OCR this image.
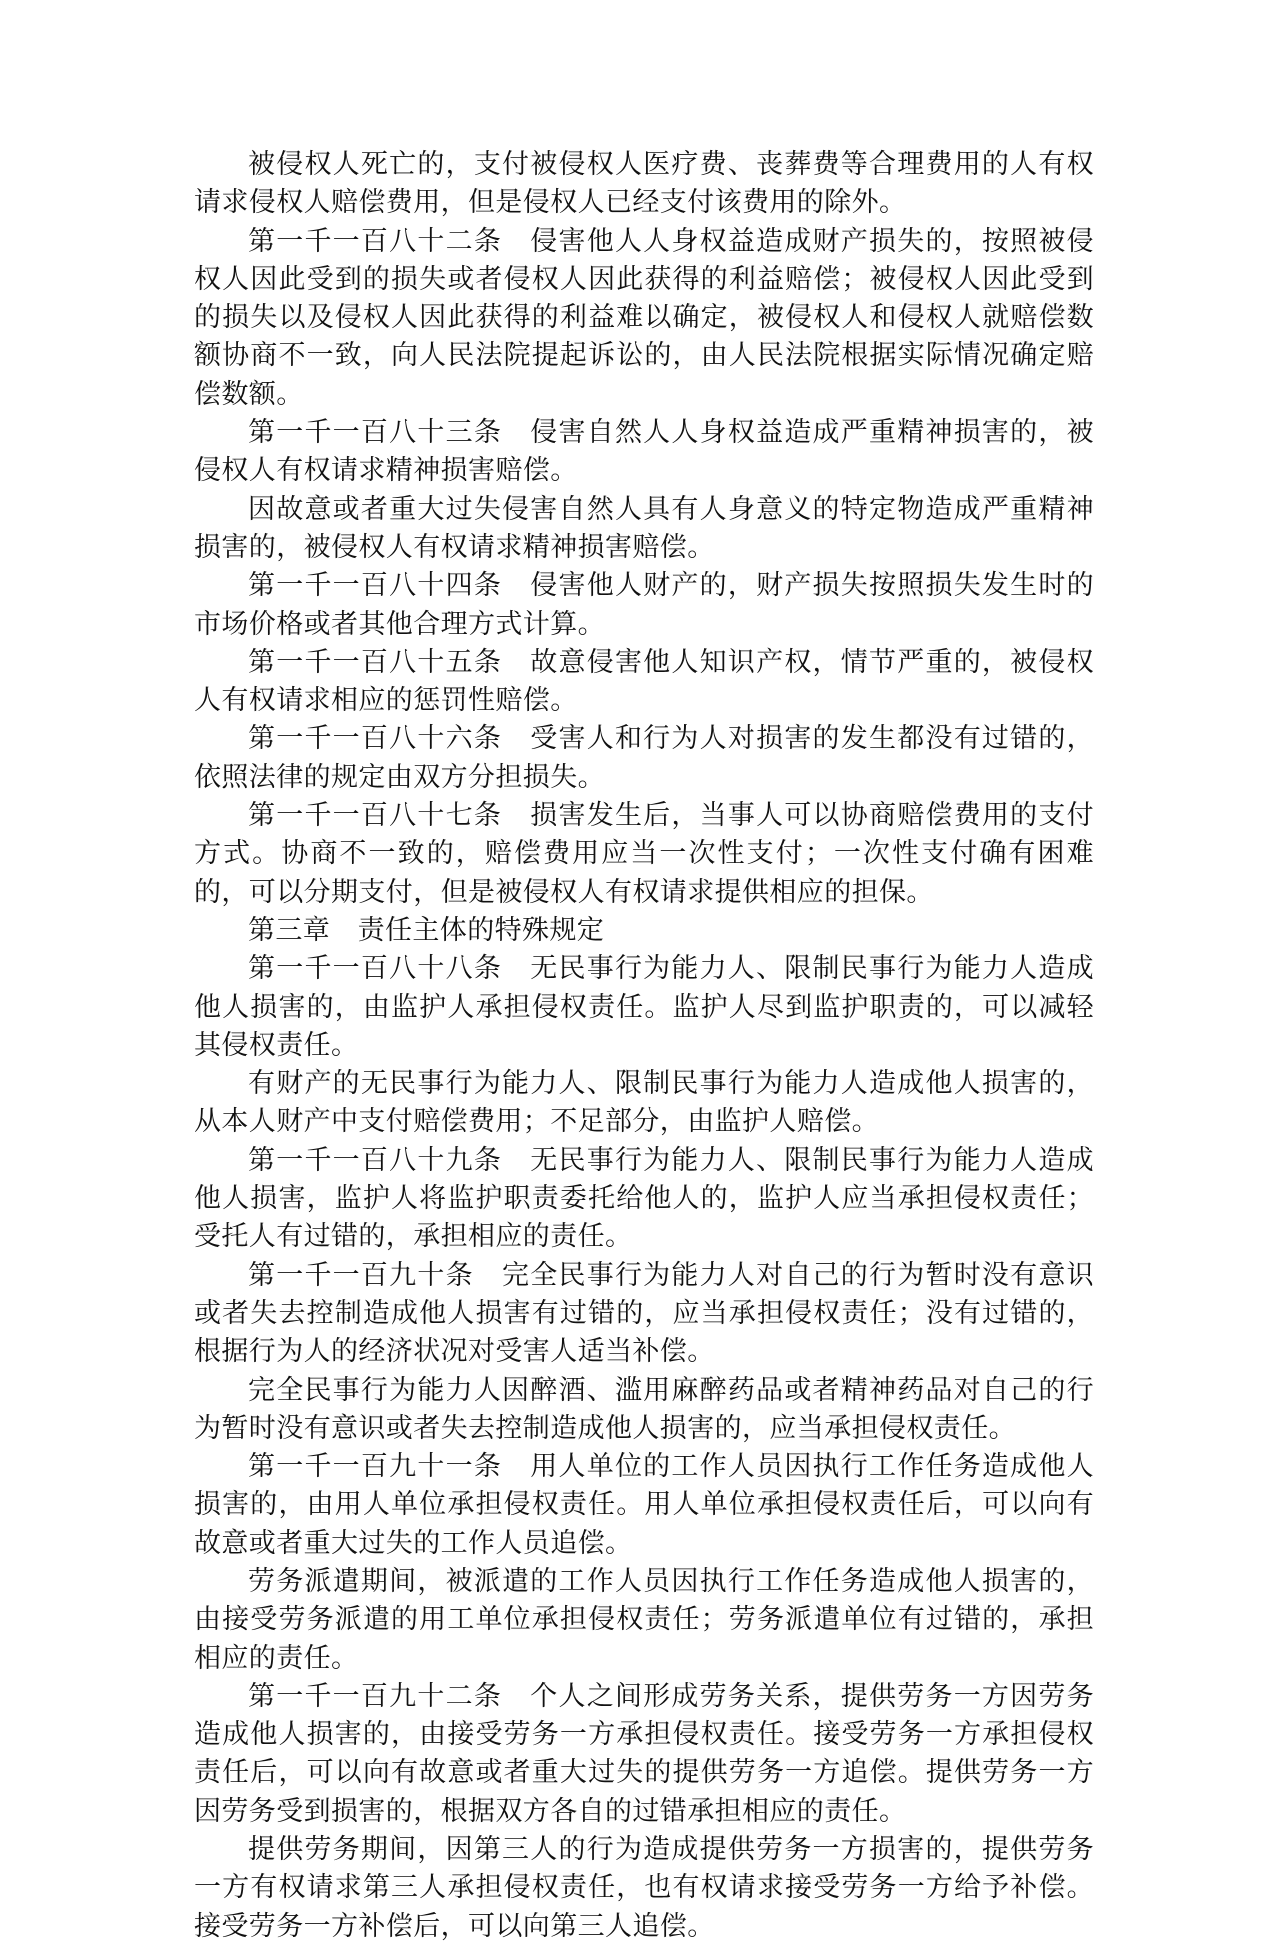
被侵权人死亡的，支付被侵权人医疗费、丧葬费等合理费用的人有权请求侵权人赔偿费用，但是侵权人已经支付该费用的除外。

第一千一百八十二条　侵害他人人身权益造成财产损失的，按照被侵权人因此受到的损失或者侵权人因此获得的利益赔偿；被侵权人因此受到的损失以及侵权人因此获得的利益难以确定，被侵权人和侵权人就赔偿数额协商不一致，向人民法院提起诉讼的，由人民法院根据实际情况确定赔偿数额。

第一千一百八十三条　侵害自然人人身权益造成严重精神损害的，被侵权人有权请求精神损害赔偿。

因故意或者重大过失侵害自然人具有人身意义的特定物造成严重精神损害的，被侵权人有权请求精神损害赔偿。

第一千一百八十四条　侵害他人财产的，财产损失按照损失发生时的市场价格或者其他合理方式计算。

第一千一百八十五条　故意侵害他人知识产权，情节严重的，被侵权人有权请求相应的惩罚性赔偿。

第一千一百八十六条　受害人和行为人对损害的发生都没有过错的，依照法律的规定由双方分担损失。

第一千一百八十七条　损害发生后，当事人可以协商赔偿费用的支付方式。协商不一致的，赔偿费用应当一次性支付；一次性支付确有困难的，可以分期支付，但是被侵权人有权请求提供相应的担保。

第三章　责任主体的特殊规定

第一千一百八十八条　无民事行为能力人、限制民事行为能力人造成他人损害的，由监护人承担侵权责任。监护人尽到监护职责的，可以减轻其侵权责任。

有财产的无民事行为能力人、限制民事行为能力人造成他人损害的，从本人财产中支付赔偿费用；不足部分，由监护人赔偿。

第一千一百八十九条　无民事行为能力人、限制民事行为能力人造成他人损害，监护人将监护职责委托给他人的，监护人应当承担侵权责任；受托人有过错的，承担相应的责任。

第一千一百九十条　完全民事行为能力人对自己的行为暂时没有意识或者失去控制造成他人损害有过错的，应当承担侵权责任；没有过错的，根据行为人的经济状况对受害人适当补偿。

完全民事行为能力人因醉酒、滥用麻醉药品或者精神药品对自己的行为暂时没有意识或者失去控制造成他人损害的，应当承担侵权责任。

第一千一百九十一条　用人单位的工作人员因执行工作任务造成他人损害的，由用人单位承担侵权责任。用人单位承担侵权责任后，可以向有故意或者重大过失的工作人员追偿。

劳务派遣期间，被派遣的工作人员因执行工作任务造成他人损害的，由接受劳务派遣的用工单位承担侵权责任；劳务派遣单位有过错的，承担相应的责任。

第一千一百九十二条　个人之间形成劳务关系，提供劳务一方因劳务造成他人损害的，由接受劳务一方承担侵权责任。接受劳务一方承担侵权责任后，可以向有故意或者重大过失的提供劳务一方追偿。提供劳务一方因劳务受到损害的，根据双方各自的过错承担相应的责任。

提供劳务期间，因第三人的行为造成提供劳务一方损害的，提供劳务一方有权请求第三人承担侵权责任，也有权请求接受劳务一方给予补偿。接受劳务一方补偿后，可以向第三人追偿。
